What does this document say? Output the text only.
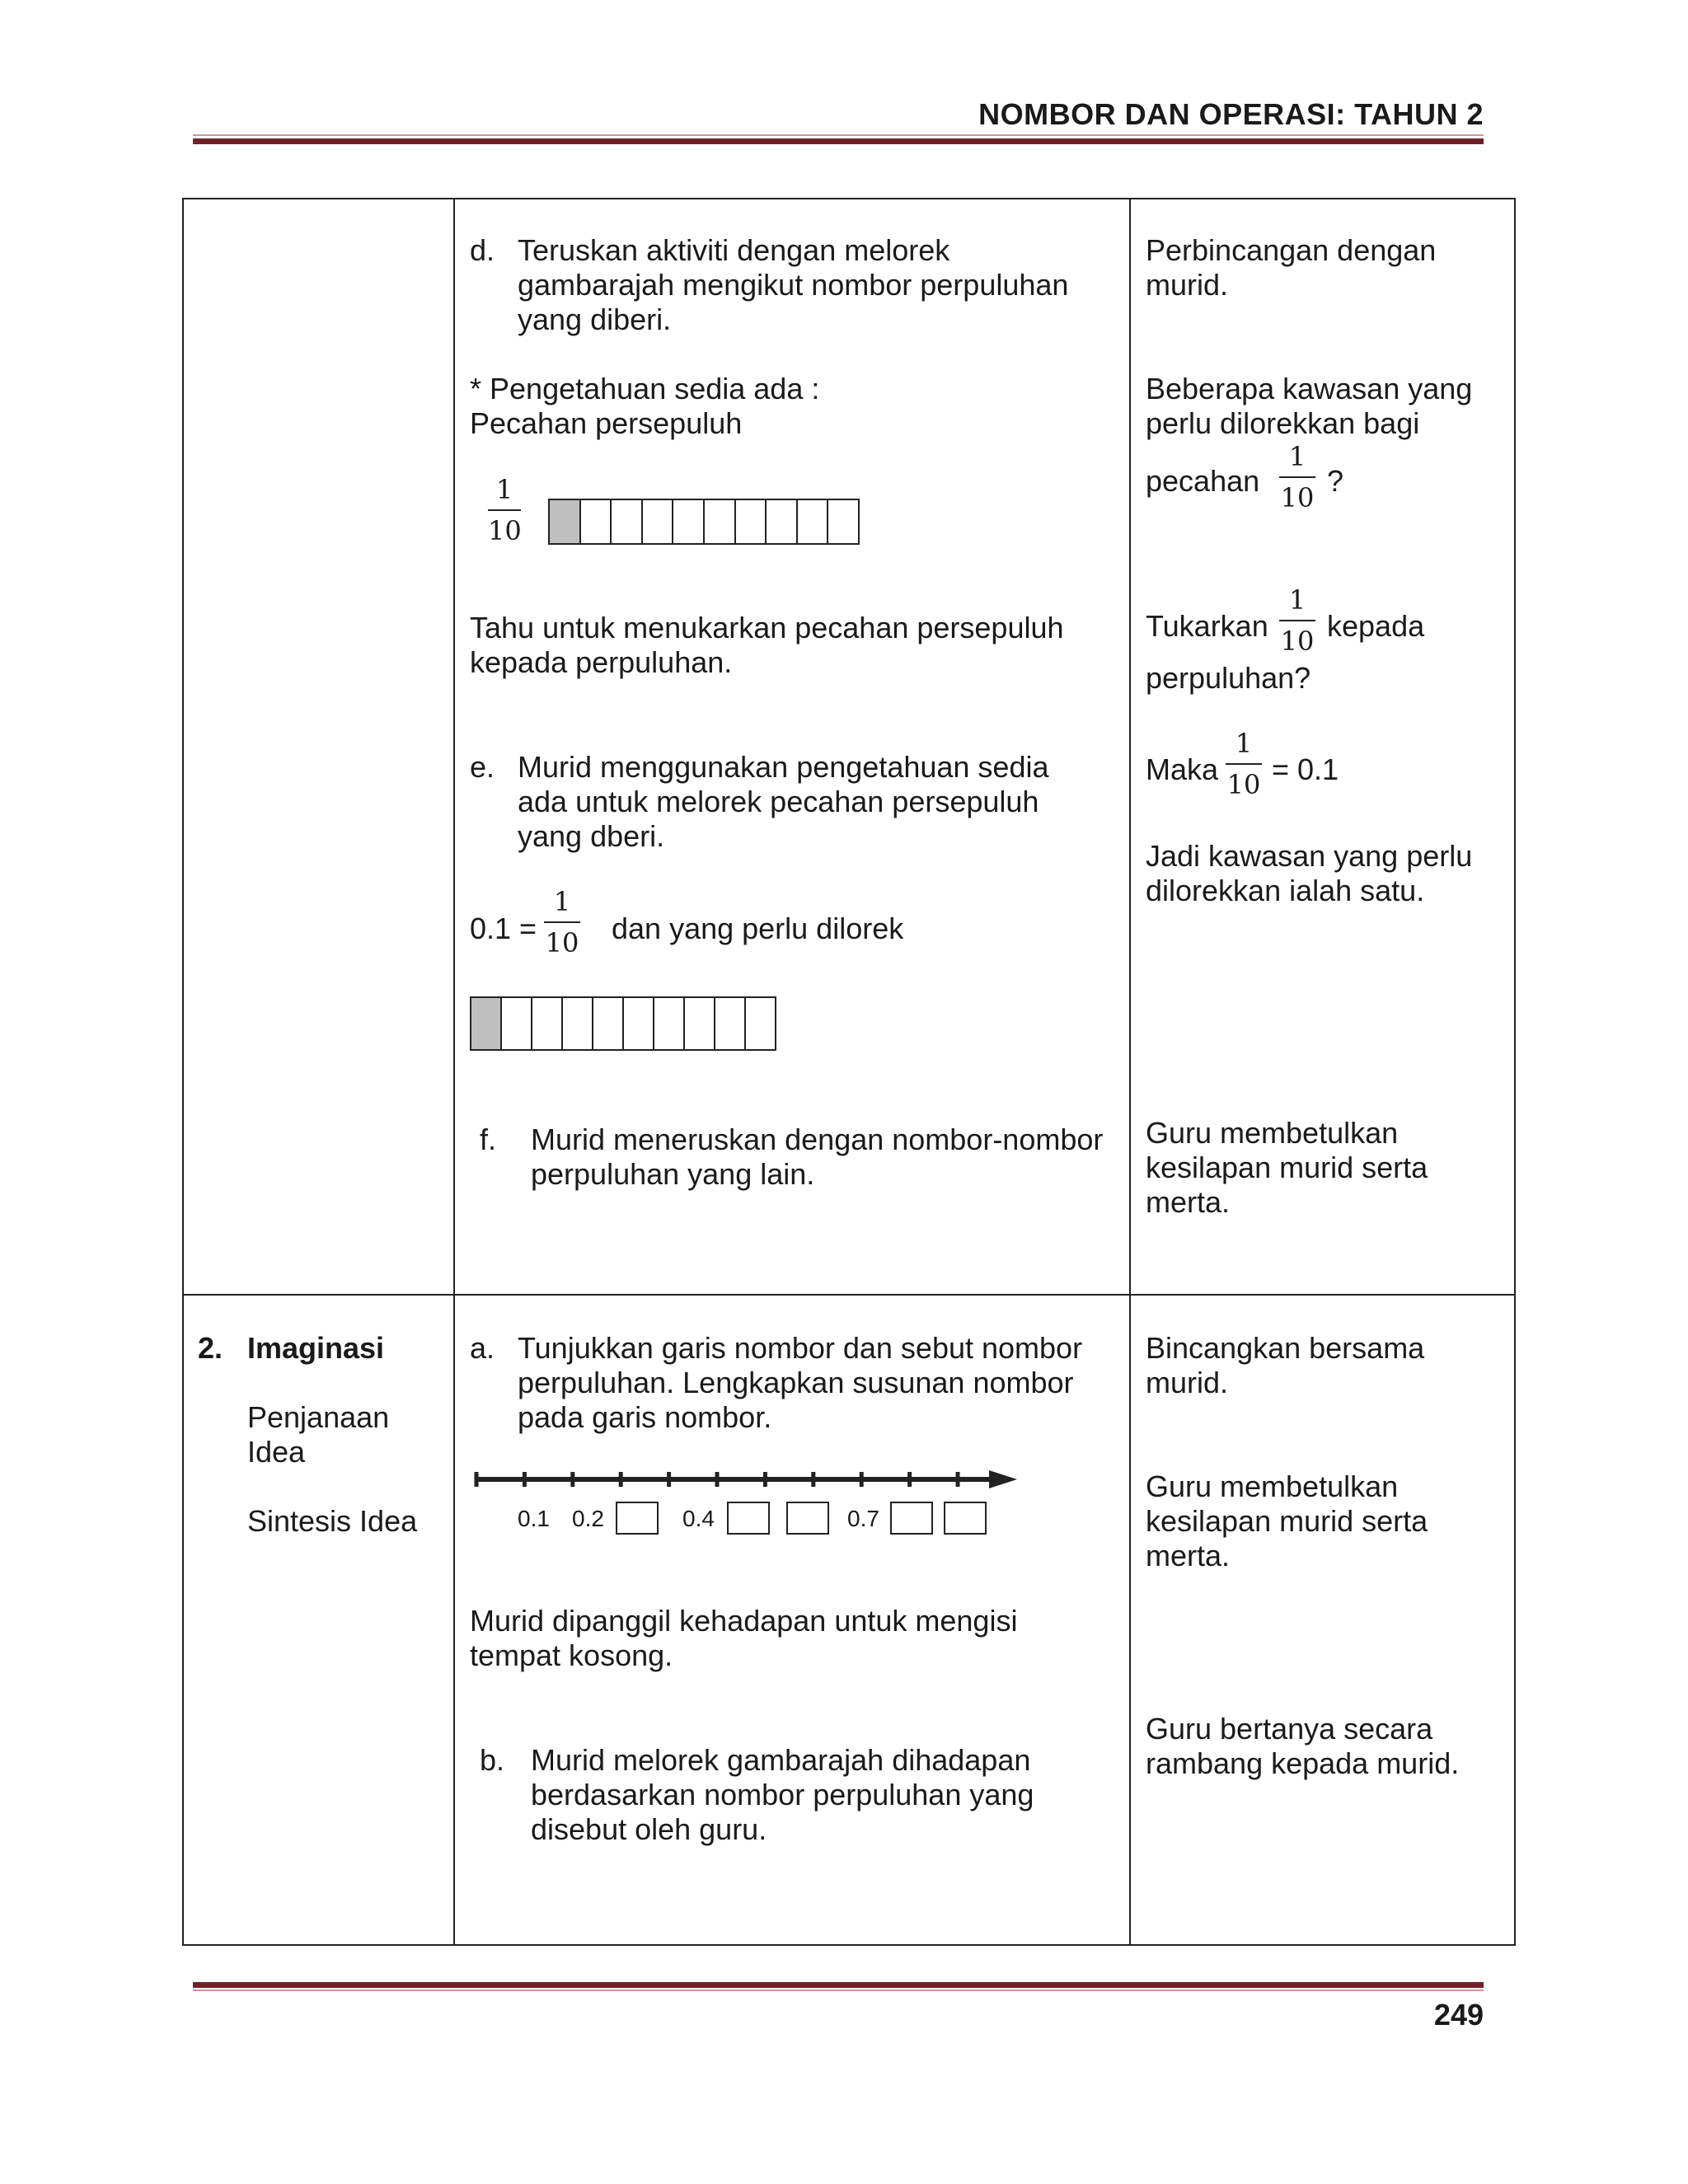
NOMBOR DAN OPERASI: TAHUN 2
d. Teruskan aktiviti dengan melorek
gambarajah mengikut nombor perpuluhan
yang diberi.
* Pengetahuan sedia ada :
Pecahan persepuluh
1
10
Tahu untuk menukarkan pecahan persepuluh
kepada perpuluhan.
e. Murid menggunakan pengetahuan sedia
ada untuk melorek pecahan persepuluh
yang dberi.
0.1 =
1
10 dan yang perlu dilorek
f. Murid meneruskan dengan nombor-nombor
perpuluhan yang lain.
Perbincangan dengan
murid.
Beberapa kawasan yang
perlu dilorekkan bagi
pecahan
1
10 ?
Tukarkan
1
10 kepada
perpuluhan?
Maka
1
10 = 0.1
Jadi kawasan yang perlu
dilorekkan ialah satu.
Guru membetulkan
kesilapan murid serta
merta.
2. Imaginasi
Penjanaan
Idea
Sintesis Idea
a. Tunjukkan garis nombor dan sebut nombor
perpuluhan. Lengkapkan susunan nombor
pada garis nombor.
0.1 0.2	0.4	0.7
Murid dipanggil kehadapan untuk mengisi
tempat kosong.
b. Murid melorek gambarajah dihadapan
berdasarkan nombor perpuluhan yang
disebut oleh guru.
Bincangkan bersama
murid.
Guru membetulkan
kesilapan murid serta
merta.
Guru bertanya secara
rambang kepada murid.
249
